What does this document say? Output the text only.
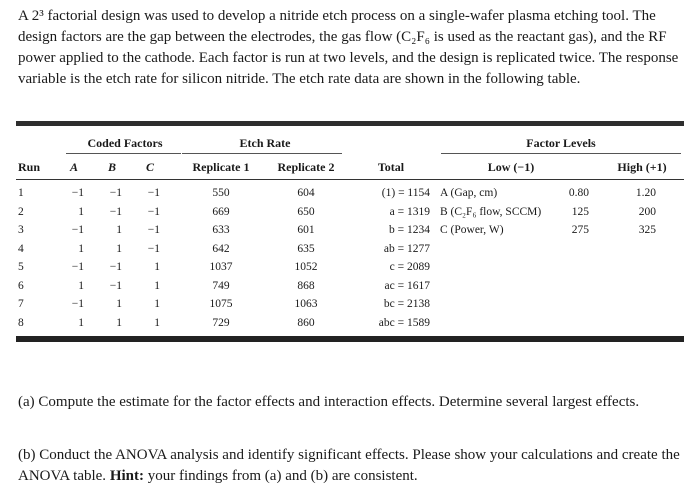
A 2³ factorial design was used to develop a nitride etch process on a single-wafer plasma etching tool. The design factors are the gap between the electrodes, the gas flow (C₂F₆ is used as the reactant gas), and the RF power applied to the cathode. Each factor is run at two levels, and the design is replicated twice. The response variable is the etch rate for silicon nitride. The etch rate data are shown in the following table.

Coded Factors	Etch Rate	Factor Levels
Run	A	B	C	Replicate 1	Replicate 2	Total	Low (−1)	High (+1)
1	−1	−1	−1	550	604	(1) = 1154
2	1	−1	−1	669	650	a = 1319
3	−1	1	−1	633	601	b = 1234
4	1	1	−1	642	635	ab = 1277
5	−1	−1	1	1037	1052	c = 2089
6	1	−1	1	749	868	ac = 1617
7	−1	1	1	1075	1063	bc = 2138
8	1	1	1	729	860	abc = 1589
A (Gap, cm)	0.80	1.20
B (C₂F₆ flow, SCCM)	125	200
C (Power, W)	275	325

(a) Compute the estimate for the factor effects and interaction effects. Determine several largest effects.

(b) Conduct the ANOVA analysis and identify significant effects. Please show your calculations and create the ANOVA table. Hint: your findings from (a) and (b) are consistent.
